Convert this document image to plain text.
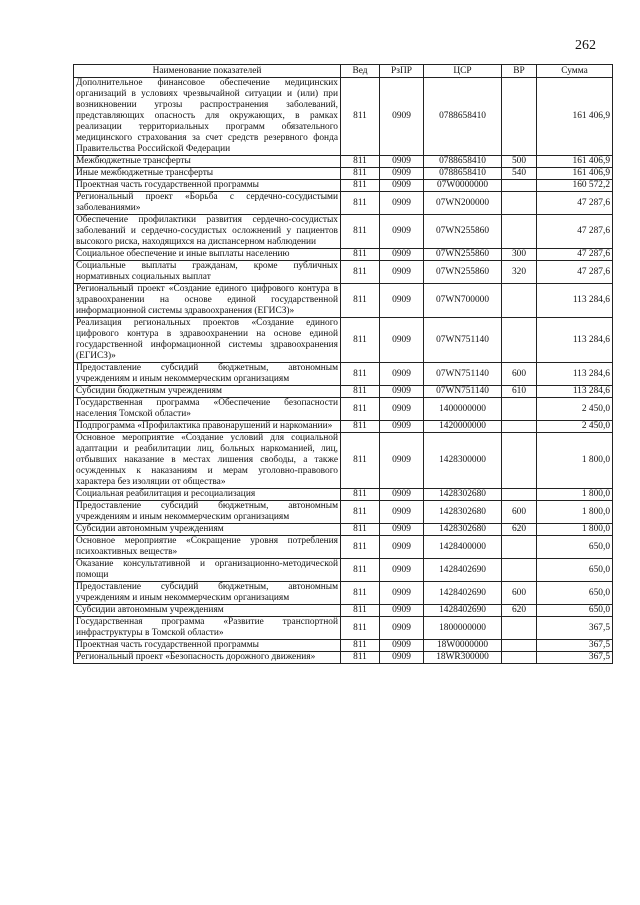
262
Наименование показателей	Вед	РзПР	ЦСР	ВР	Сумма
Дополнительное финансовое обеспечение медицинских организаций в условиях чрезвычайной ситуации и (или) при возникновении угрозы распространения заболеваний, представляющих опасность для окружающих, в рамках реализации территориальных программ обязательного медицинского страхования за счет средств резервного фонда Правительства Российской Федерации	811	0909	0788658410		161 406,9
Межбюджетные трансферты	811	0909	0788658410	500	161 406,9
Иные межбюджетные трансферты	811	0909	0788658410	540	161 406,9
Проектная часть государственной программы	811	0909	07W0000000		160 572,2
Региональный проект «Борьба с сердечно-сосудистыми заболеваниями»	811	0909	07WN200000		47 287,6
Обеспечение профилактики развития сердечно-сосудистых заболеваний и сердечно-сосудистых осложнений у пациентов высокого риска, находящихся на диспансерном наблюдении	811	0909	07WN255860		47 287,6
Социальное обеспечение и иные выплаты населению	811	0909	07WN255860	300	47 287,6
Социальные выплаты гражданам, кроме публичных нормативных социальных выплат	811	0909	07WN255860	320	47 287,6
Региональный проект «Создание единого цифрового контура в здравоохранении на основе единой государственной информационной системы здравоохранения (ЕГИСЗ)»	811	0909	07WN700000		113 284,6
Реализация региональных проектов «Создание единого цифрового контура в здравоохранении на основе единой государственной информационной системы здравоохранения (ЕГИСЗ)»	811	0909	07WN751140		113 284,6
Предоставление субсидий бюджетным, автономным учреждениям и иным некоммерческим организациям	811	0909	07WN751140	600	113 284,6
Субсидии бюджетным учреждениям	811	0909	07WN751140	610	113 284,6
Государственная программа «Обеспечение безопасности населения Томской области»	811	0909	1400000000		2 450,0
Подпрограмма «Профилактика правонарушений и наркомании»	811	0909	1420000000		2 450,0
Основное мероприятие «Создание условий для социальной адаптации и реабилитации лиц, больных наркоманией, лиц, отбывших наказание в местах лишения свободы, а также осужденных к наказаниям и мерам уголовно-правового характера без изоляции от общества»	811	0909	1428300000		1 800,0
Социальная реабилитация и ресоциализация	811	0909	1428302680		1 800,0
Предоставление субсидий бюджетным, автономным учреждениям и иным некоммерческим организациям	811	0909	1428302680	600	1 800,0
Субсидии автономным учреждениям	811	0909	1428302680	620	1 800,0
Основное мероприятие «Сокращение уровня потребления психоактивных веществ»	811	0909	1428400000		650,0
Оказание консультативной и организационно-методической помощи	811	0909	1428402690		650,0
Предоставление субсидий бюджетным, автономным учреждениям и иным некоммерческим организациям	811	0909	1428402690	600	650,0
Субсидии автономным учреждениям	811	0909	1428402690	620	650,0
Государственная программа «Развитие транспортной инфраструктуры в Томской области»	811	0909	1800000000		367,5
Проектная часть государственной программы	811	0909	18W0000000		367,5
Региональный проект «Безопасность дорожного движения»	811	0909	18WR300000		367,5
